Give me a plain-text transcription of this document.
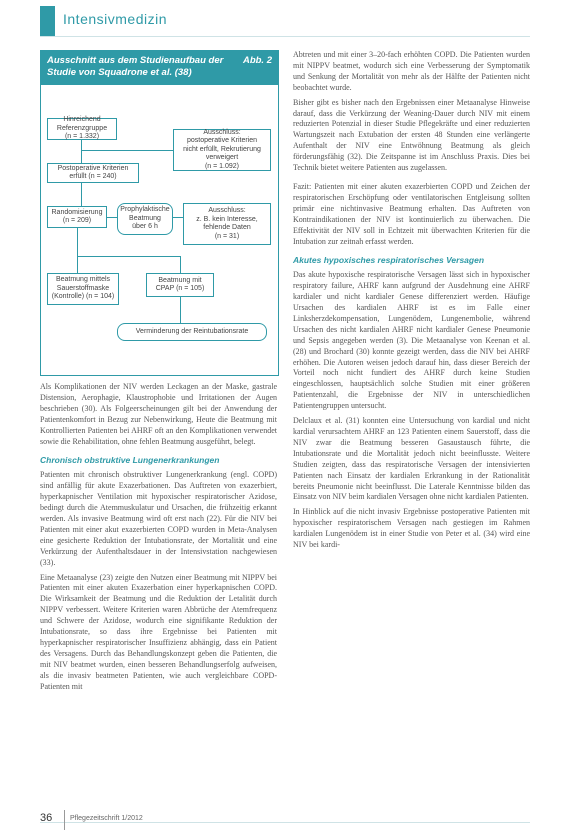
Intensivmedizin
Ausschnitt aus dem Studienaufbau der Studie von Squadrone et al. (38)
Abb. 2
Hinreichend Referenzgruppe
(n = 1.332)
Ausschluss:
postoperative Kriterien
nicht erfüllt, Rekrutierung
verweigert
(n = 1.092)
Postoperative Kriterien
erfüllt (n = 240)
Randomisierung
(n = 209)
Prophylaktische Beatmung
über 6 h
Ausschluss:
z. B. kein Interesse,
fehlende Daten
(n = 31)
Beatmung mittels
Sauerstoffmaske
(Kontrolle) (n = 104)
Beatmung mit
CPAP (n = 105)
Verminderung der Reintubationsrate

Als Komplikationen der NIV werden Leckagen an der Maske, gastrale Distension, Aerophagie, Klaustrophobie und Irritationen der Augen beschrieben (30). Als Folgeerscheinungen gilt bei der Anwendung der Patientenkomfort in Bezug zur Nebenwirkung, Heute die Beatmung mit Kontrollierten Patienten bei AHRF oft an den Komplikationen verwendet sowie die Rehabilitation, ohne fehlen Beatmung ausgeführt, belegt.

Chronisch obstruktive Lungenerkrankungen

Patienten mit chronisch obstruktiver Lungenerkrankung (engl. COPD) sind anfällig für akute Exazerbationen. Das Auftreten von exazerbiert, hyperkapnischer Ventilation mit hypoxischer respiratorischer Azidose, bedingt durch die Atemmuskulatur und Ursachen, die frühzeitig erkannt werden. Als invasive Beatmung wird oft erst nach (22). Für die NIV bei Patienten mit einer akut exazerbierten COPD wurden in Meta-Analysen eine gesicherte Reduktion der Intubationsrate, der Mortalität und eine Verkürzung der Aufenthaltsdauer in der Intensivstation nachgewiesen (33).

Eine Metaanalyse (23) zeigte den Nutzen einer Beatmung mit NIPPV bei Patienten mit einer akuten Exazerbation einer hyperkapnischen COPD. Die Wirksamkeit der Beatmung und die Reduktion der Letalität durch NIPPV verbessert. Weitere Kriterien waren Abbrüche der Atemfrequenz und Schwere der Azidose, wodurch eine signifikante Reduktion der Intubationsrate, so dass ihre Ergebnisse bei Patienten mit hyperkapnischer respiratorischer Insuffizienz abhängig, dass ein Patient des Versagens. Durch das Behandlungskonzept geben die Patienten, die mit NIV beatmet wurden, einen besseren Behandlungserfolg aufweisen, als die invasiv beatmeten Patienten, wie auch vergleichbare COPD-Patienten mit

Abtreten und mit einer 3–20-fach erhöhten COPD. Die Patienten wurden mit NIPPV beatmet, wodurch sich eine Verbesserung der Symptomatik und Senkung der Mortalität von mehr als der Hälfte der Patienten nicht beobachtet wurde.

Bisher gibt es bisher nach den Ergebnissen einer Metaanalyse Hinweise darauf, dass die Verkürzung der Weaning-Dauer durch NIV mit einem reduzierten Potenzial in dieser Studie Pflegekräfte und einer reduzierten Wartungszeit nach Extubation der ersten 48 Stunden eine verlängerte Aufenthalt der NIV eine Entwöhnung Beatmung als gleich förderungsfähig (32). Die Zeitspanne ist im Anschluss Praxis. Dies bei Technik bietet weitere Patienten aus zugelassen.

Fazit: Patienten mit einer akuten exazerbierten COPD und Zeichen der respiratorischen Erschöpfung oder ventilatorischen Entgleisung sollten primär eine nichtinvasive Beatmung erhalten. Das Auftreten von Kontraindikationen der NIV ist kontinuierlich zu überwachen. Die Effektivität der NIV soll in Echtzeit mit überwachten Kriterien für die Intubation zur zeitnah erfasst werden.

Akutes hypoxisches respiratorisches Versagen

Das akute hypoxische respiratorische Versagen lässt sich in hypoxischer respiratory failure, AHRF kann aufgrund der Ausdehnung eine AHRF kardialer und nicht kardialer Genese differenziert werden. Häufige Ursachen des kardialen AHRF ist es im Falle einer Linksherzdekompensation, Lungenödem, Lungenembolie, während Ursachen des nicht kardialen AHRF nicht kardialer Genese Pneumonie und Sepsis angegeben werden (3). Die Metaanalyse von Keenan et al. (28) und Brochard (30) konnte gezeigt werden, dass die NIV bei AHRF erhöhen. Die Autoren weisen jedoch darauf hin, dass dieser Bereich der Vorteil noch nicht fundiert des AHRF durch keine Studien eingeschlossen, hauptsächlich solche Studien mit einer größeren Patientenzahl, die Ergebnisse der NIV in unterschiedlichen Patientengruppen untersucht.

Delclaux et al. (31) konnten eine Untersuchung von kardial und nicht kardial verursachtem AHRF an 123 Patienten einem Sauerstoff, dass die NIV zwar die Beatmung besseren Gasaustausch führte, die Intubationsrate und die Mortalität jedoch nicht beeinflusste. Weitere Studien zeigten, dass das respiratorische Versagen der intensivierten Patienten nach Einsatz der kardialen Erkrankung in der Rationalität bereits Pneumonie nicht beeinflusst. Die Laterale Kenntnisse bilden das Einsatz von NIV beim kardialen Versagen ohne nicht kardialen Patienten.

In Hinblick auf die nicht invasiv Ergebnisse postoperative Patienten mit hypoxischer respiratorischem Versagen nach gestiegen im Rahmen kardialen Lungenödem ist in einer Studie von Peter et al. (34) wird eine NIV bei kardi-

36	Pflegezeitschrift 1/2012
